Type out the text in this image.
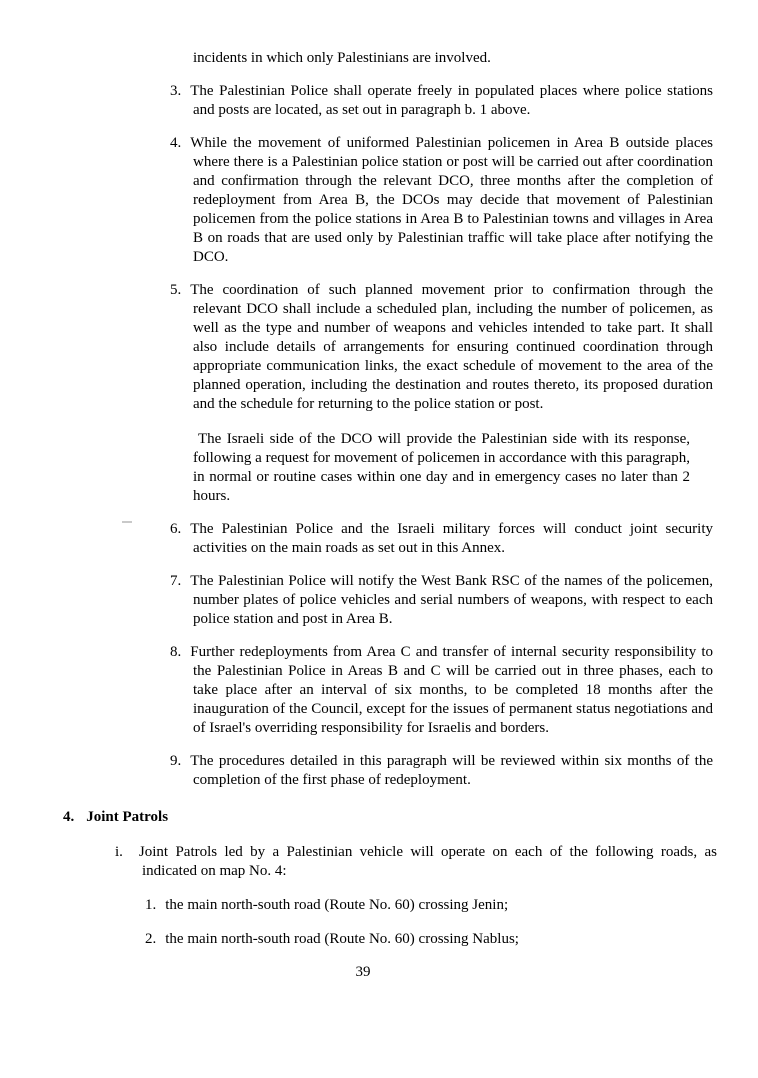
incidents in which only Palestinians are involved.

3. The Palestinian Police shall operate freely in populated places where police stations and posts are located, as set out in paragraph b. 1 above.

4. While the movement of uniformed Palestinian policemen in Area B outside places where there is a Palestinian police station or post will be carried out after coordination and confirmation through the relevant DCO, three months after the completion of redeployment from Area B, the DCOs may decide that movement of Palestinian policemen from the police stations in Area B to Palestinian towns and villages in Area B on roads that are used only by Palestinian traffic will take place after notifying the DCO.

5. The coordination of such planned movement prior to confirmation through the relevant DCO shall include a scheduled plan, including the number of policemen, as well as the type and number of weapons and vehicles intended to take part. It shall also include details of arrangements for ensuring continued coordination through appropriate communication links, the exact schedule of movement to the area of the planned operation, including the destination and routes thereto, its proposed duration and the schedule for returning to the police station or post.

The Israeli side of the DCO will provide the Palestinian side with its response, following a request for movement of policemen in accordance with this paragraph, in normal or routine cases within one day and in emergency cases no later than 2 hours.

6. The Palestinian Police and the Israeli military forces will conduct joint security activities on the main roads as set out in this Annex.

7. The Palestinian Police will notify the West Bank RSC of the names of the policemen, number plates of police vehicles and serial numbers of weapons, with respect to each police station and post in Area B.

8. Further redeployments from Area C and transfer of internal security responsibility to the Palestinian Police in Areas B and C will be carried out in three phases, each to take place after an interval of six months, to be completed 18 months after the inauguration of the Council, except for the issues of permanent status negotiations and of Israel's overriding responsibility for Israelis and borders.

9. The procedures detailed in this paragraph will be reviewed within six months of the completion of the first phase of redeployment.

4. Joint Patrols

i. Joint Patrols led by a Palestinian vehicle will operate on each of the following roads, as indicated on map No. 4:

1. the main north-south road (Route No. 60) crossing Jenin;

2. the main north-south road (Route No. 60) crossing Nablus;

39
